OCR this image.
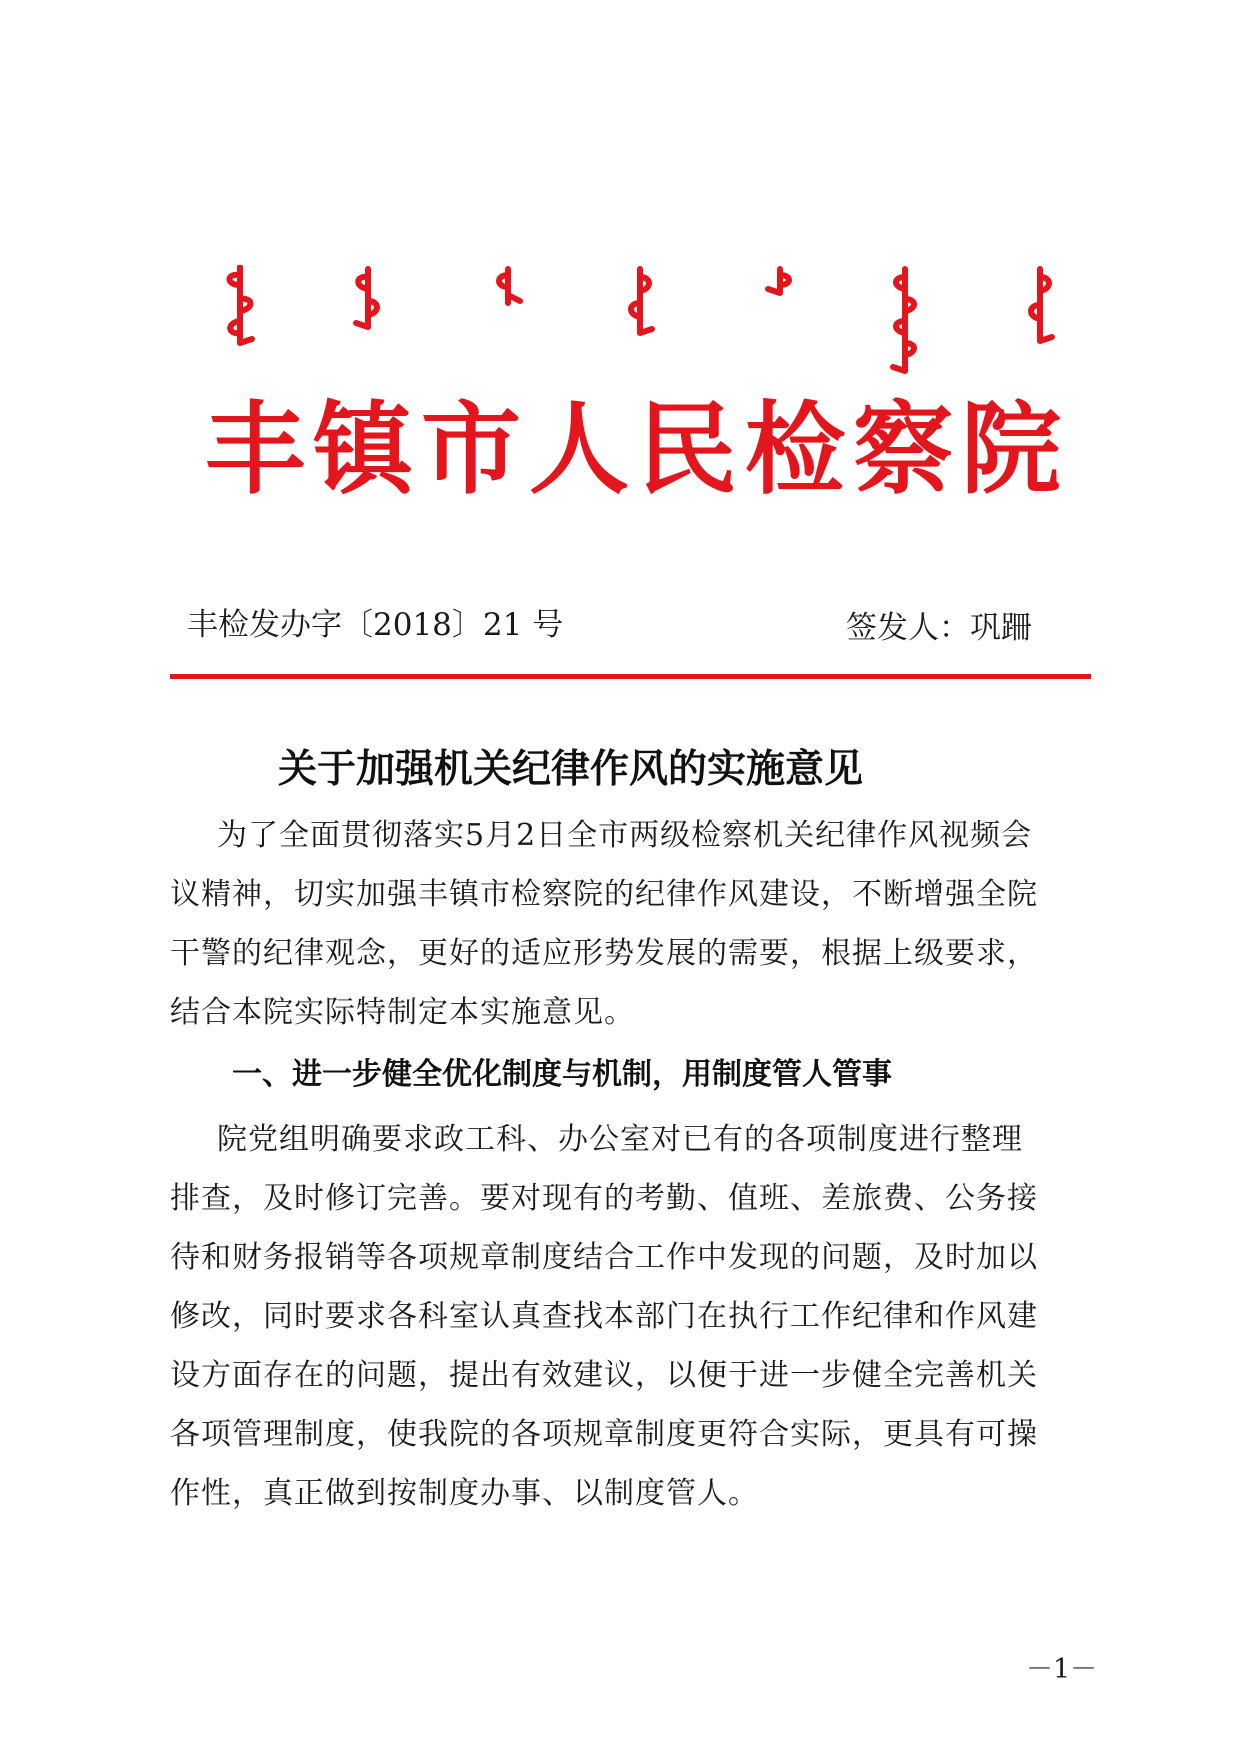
丰镇市人民检察院
丰检发办字〔2018〕21 号	签发人：巩跚
关于加强机关纪律作风的实施意见
为了全面贯彻落实5月2日全市两级检察机关纪律作风视频会
议精神，切实加强丰镇市检察院的纪律作风建设，不断增强全院
干警的纪律观念，更好的适应形势发展的需要，根据上级要求，
结合本院实际特制定本实施意见。
一、进一步健全优化制度与机制，用制度管人管事
院党组明确要求政工科、办公室对已有的各项制度进行整理
排查，及时修订完善。要对现有的考勤、值班、差旅费、公务接
待和财务报销等各项规章制度结合工作中发现的问题，及时加以
修改，同时要求各科室认真查找本部门在执行工作纪律和作风建
设方面存在的问题，提出有效建议，以便于进一步健全完善机关
各项管理制度，使我院的各项规章制度更符合实际，更具有可操
作性，真正做到按制度办事、以制度管人。
－1－
